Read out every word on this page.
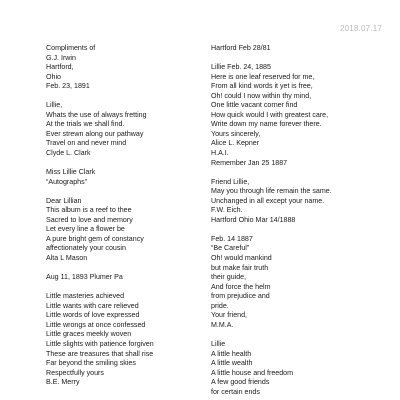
2018.07.17
Compliments of
G.J. Irwin
Hartford,
Ohio
Feb. 23, 1891
Lillie,
Whats the use of always fretting
At the trials we shall find.
Ever strewn along our pathway
Travel on and never mind
Clyde L. Clark
Miss Lillie Clark
“Autographs”
Dear Lillian
This album is a reef to thee
Sacred to love and memory
Let every line a flower be
A pure bright gem of constancy
affectionately your cousin
Alta L Mason
Aug 11, 1893 Plumer Pa
Little masteries achieved
Little wants with care relieved
Little words of love expressed
Little wrongs at once confessed
Little graces meekly woven
Little slights with patience forgiven
These are treasures that shall rise
Far beyond the smiling skies
Respectfully yours
B.E. Merry
Hartford Feb 28/81
Lillie Feb. 24, 1885
Here is one leaf reserved for me,
From all kind words it yet is free,
Oh! could I now within thy mind,
One little vacant corner find
How quick would I with greatest care,
Write down my name forever there.
Yours sincerely,
Alice L. Kepner
H.A.I.
Remember Jan 25 1887
Friend Lillie,
May you through life remain the same.
Unchanged in all except your name.
F.W. Eich.
Hartford Ohio Mar 14/1888
Feb. 14 1887
“Be Careful”
Oh! would mankind
but make fair truth
their guide,
And force the helm
from prejudice and
pride.
Your friend,
M.M.A.
Lillie
A little health
A little wealth
A little house and freedom
A few good friends
for certain ends
